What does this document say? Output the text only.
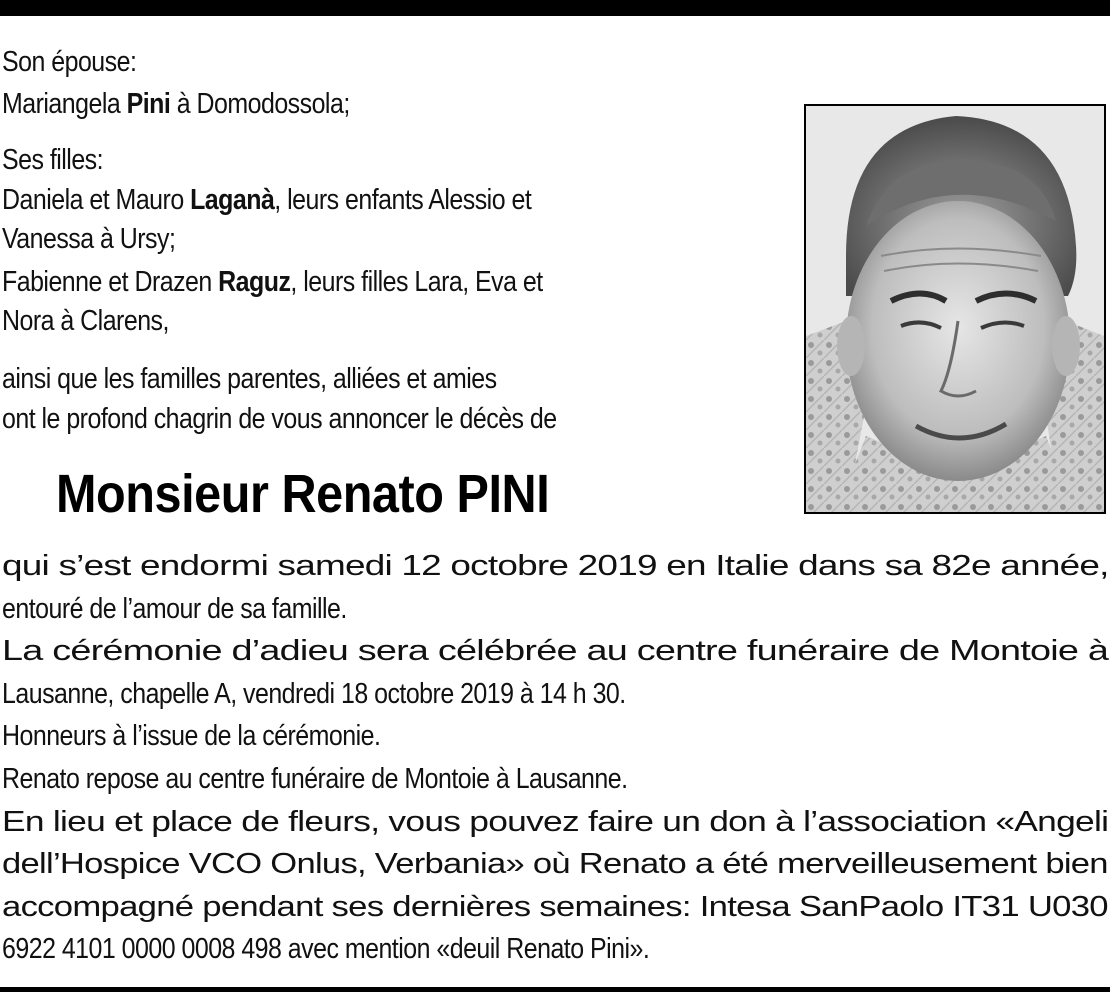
Son épouse:
Mariangela Pini à Domodossola;
Ses filles:
Daniela et Mauro Laganà, leurs enfants Alessio et
Vanessa à Ursy;
Fabienne et Drazen Raguz, leurs filles Lara, Eva et
Nora à Clarens,
ainsi que les familles parentes, alliées et amies
ont le profond chagrin de vous annoncer le décès de
Monsieur Renato PINI
qui s’est endormi samedi 12 octobre 2019 en Italie dans sa 82e année,
entouré de l’amour de sa famille.
La cérémonie d’adieu sera célébrée au centre funéraire de Montoie à
Lausanne, chapelle A, vendredi 18 octobre 2019 à 14 h 30.
Honneurs à l’issue de la cérémonie.
Renato repose au centre funéraire de Montoie à Lausanne.
En lieu et place de fleurs, vous pouvez faire un don à l’association «Angeli
dell’Hospice VCO Onlus, Verbania» où Renato a été merveilleusement bien
accompagné pendant ses dernières semaines: Intesa SanPaolo IT31 U030
6922 4101 0000 0008 498 avec mention «deuil Renato Pini».
